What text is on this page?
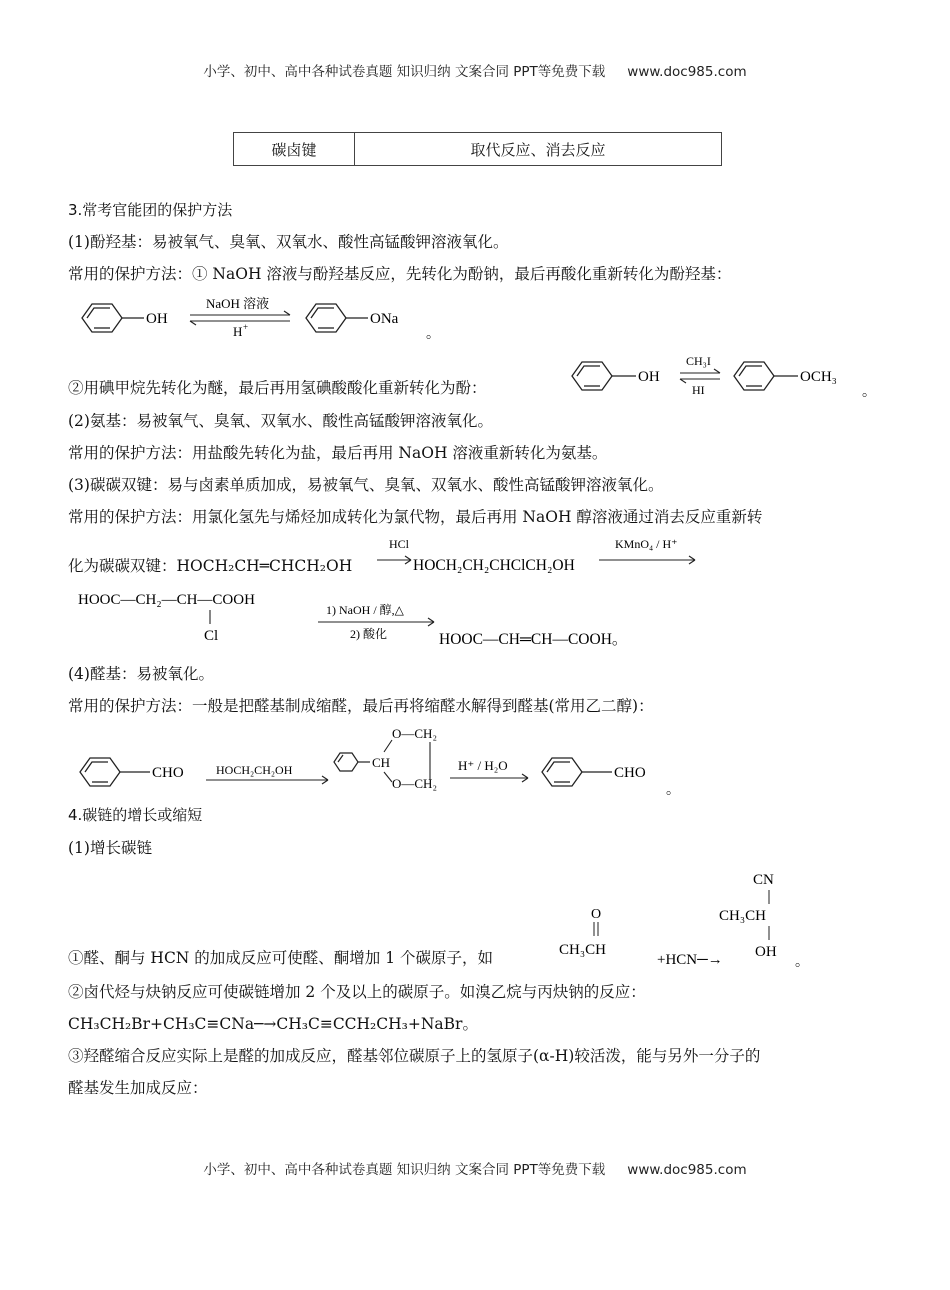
小学、初中、高中各种试卷真题 知识归纳 文案合同 PPT等免费下载 www.doc985.com
小学、初中、高中各种试卷真题 知识归纳 文案合同 PPT等免费下载 www.doc985.com
碳卤键	取代反应、消去反应
3.常考官能团的保护方法
(1)酚羟基：易被氧气、臭氧、双氧水、酸性高锰酸钾溶液氧化。
常用的保护方法：① NaOH 溶液与酚羟基反应，先转化为酚钠，最后再酸化重新转化为酚羟基：
OH
NaOH 溶液
H +	ONa
。
②用碘甲烷先转化为醚，最后再用氢碘酸酸化重新转化为酚：
OH
CH₃I
HI
OCH₃
。
(2)氨基：易被氧气、臭氧、双氧水、酸性高锰酸钾溶液氧化。
常用的保护方法：用盐酸先转化为盐，最后再用 NaOH 溶液重新转化为氨基。
(3)碳碳双键：易与卤素单质加成，易被氧气、臭氧、双氧水、酸性高锰酸钾溶液氧化。
常用的保护方法：用氯化氢先与烯烃加成转化为氯代物，最后再用 NaOH 醇溶液通过消去反应重新转
化为碳碳双键：HOCH₂CH═CHCH₂OH
HCl
HOCH₂CH₂CHClCH₂OH
KMnO₄ / H⁺
HOOC—CH₂—CH—COOH
Cl
1) NaOH / 醇,△
2) 酸化	HOOC—CH═CH—COOH。
(4)醛基：易被氧化。
常用的保护方法：一般是把醛基制成缩醛，最后再将缩醛水解得到醛基(常用乙二醇)：
CHO	HOCH₂CH₂OH	CH
O—CH₂
O—CH₂
H⁺ / H₂O	CHO
。
4.碳链的增长或缩短
(1)增长碳链
①醛、酮与 HCN 的加成反应可使醛、酮增加 1 个碳原子，如
O
CH₃CH
+HCN─→
CN
CH₃CH
OH
。
②卤代烃与炔钠反应可使碳链增加 2 个及以上的碳原子。如溴乙烷与丙炔钠的反应：
CH₃CH₂Br+CH₃C≡CNa─→CH₃C≡CCH₂CH₃+NaBr。
③羟醛缩合反应实际上是醛的加成反应，醛基邻位碳原子上的氢原子(α-H)较活泼，能与另外一分子的
醛基发生加成反应：
